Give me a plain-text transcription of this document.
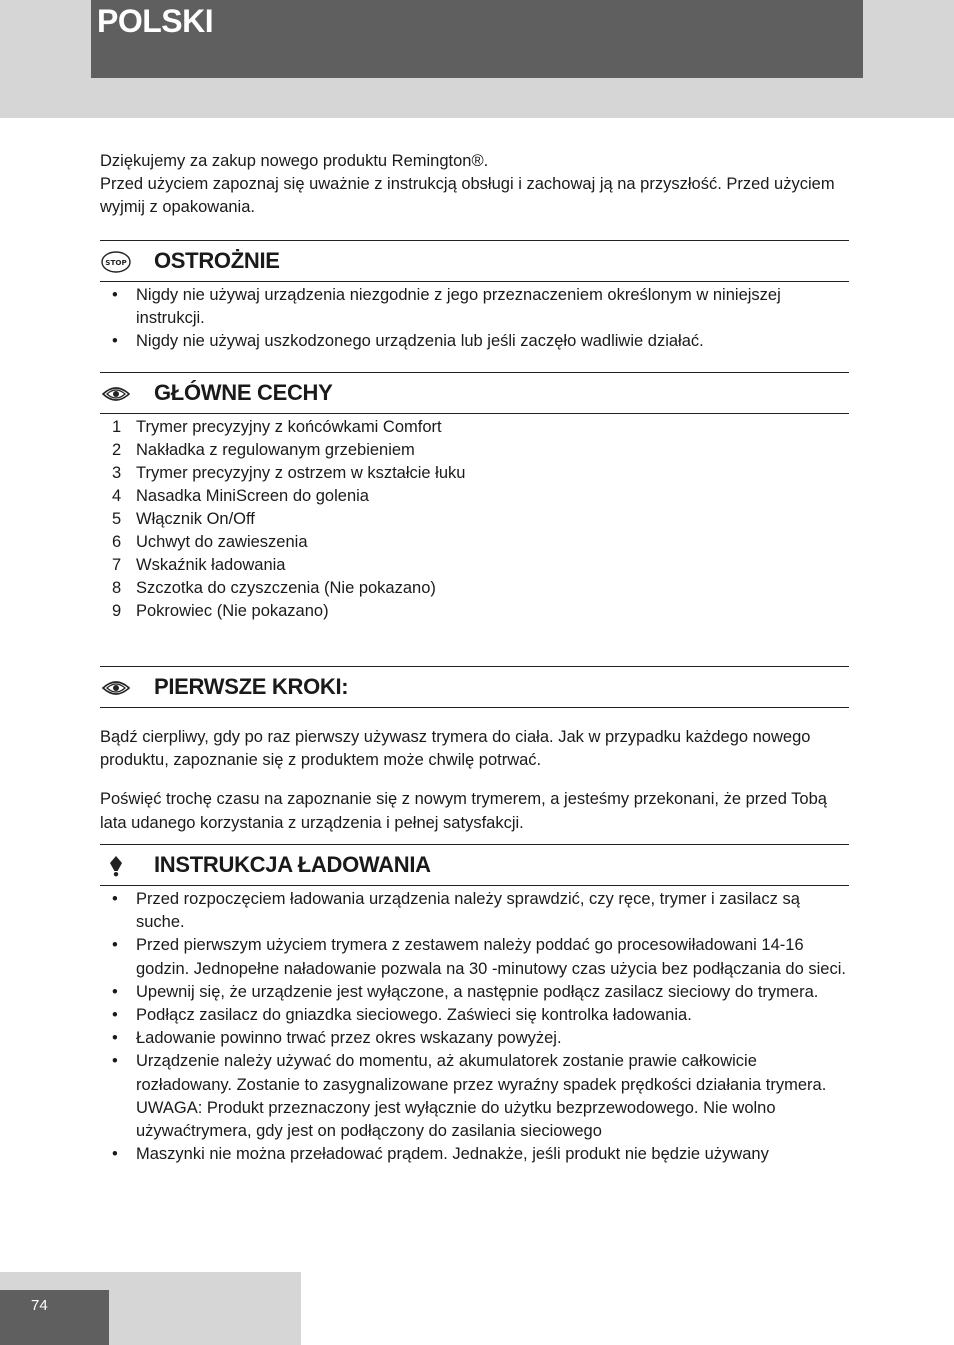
POLSKI

Dziękujemy za zakup nowego produktu Remington®.

Przed użyciem zapoznaj się uważnie z instrukcją obsługi i zachowaj ją na przyszłość. Przed użyciem wyjmij z opakowania.

STOP OSTROŻNIE
• Nigdy nie używaj urządzenia niezgodnie z jego przeznaczeniem określonym w niniejszej instrukcji.
• Nigdy nie używaj uszkodzonego urządzenia lub jeśli zaczęło wadliwie działać.
GŁÓWNE CECHY
1 Trymer precyzyjny z końcówkami Comfort
2 Nakładka z regulowanym grzebieniem
3 Trymer precyzyjny z ostrzem w kształcie łuku
4 Nasadka MiniScreen do golenia
5 Włącznik On/Off
6 Uchwyt do zawieszenia
7 Wskaźnik ładowania
8 Szczotka do czyszczenia (Nie pokazano)
9 Pokrowiec (Nie pokazano)
PIERWSZE KROKI:

Bądź cierpliwy, gdy po raz pierwszy używasz trymera do ciała. Jak w przypadku każdego nowego produktu, zapoznanie się z produktem może chwilę potrwać.

Poświęć trochę czasu na zapoznanie się z nowym trymerem, a jesteśmy przekonani, że przed Tobą lata udanego korzystania z urządzenia i pełnej satysfakcji.

INSTRUKCJA ŁADOWANIA
• Przed rozpoczęciem ładowania urządzenia należy sprawdzić, czy ręce, trymer i zasilacz są suche.
• Przed pierwszym użyciem trymera z zestawem należy poddać go procesowiładowani 14-16 godzin. Jednopełne naładowanie pozwala na 30 -minutowy czas użycia bez podłączania do sieci.
• Upewnij się, że urządzenie jest wyłączone, a następnie podłącz zasilacz sieciowy do trymera.
• Podłącz zasilacz do gniazdka sieciowego. Zaświeci się kontrolka ładowania.
• Ładowanie powinno trwać przez okres wskazany powyżej.
• Urządzenie należy używać do momentu, aż akumulatorek zostanie prawie całkowicie rozładowany. Zostanie to zasygnalizowane przez wyraźny spadek prędkości działania trymera. UWAGA: Produkt przeznaczony jest wyłącznie do użytku bezprzewodowego. Nie wolno używaćtrymera, gdy jest on podłączony do zasilania sieciowego
• Maszynki nie można przeładować prądem. Jednakże, jeśli produkt nie będzie używany
74
